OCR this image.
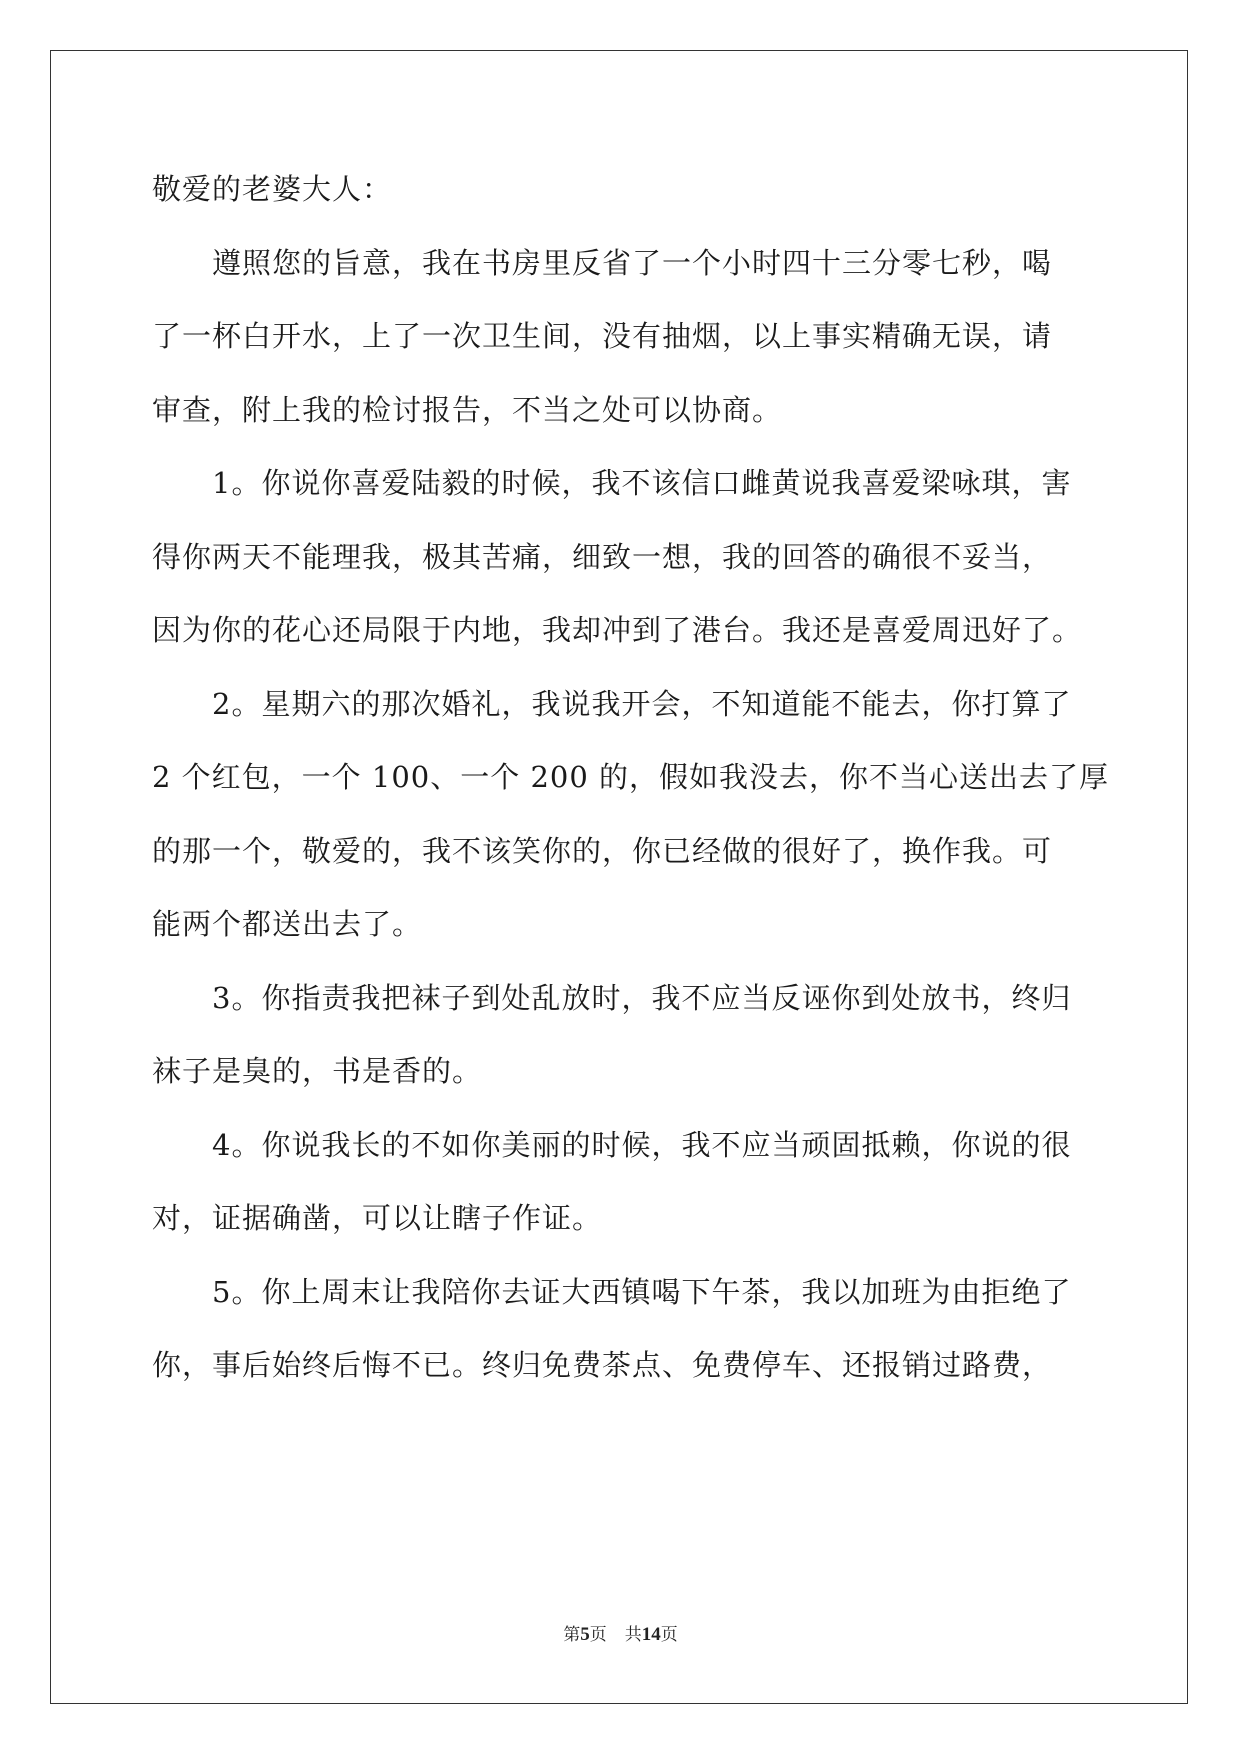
敬爱的老婆大人：
遵照您的旨意，我在书房里反省了一个小时四十三分零七秒，喝
了一杯白开水，上了一次卫生间，没有抽烟，以上事实精确无误，请
审查，附上我的检讨报告，不当之处可以协商。
1。你说你喜爱陆毅的时候，我不该信口雌黄说我喜爱梁咏琪，害
得你两天不能理我，极其苦痛，细致一想，我的回答的确很不妥当，
因为你的花心还局限于内地，我却冲到了港台。我还是喜爱周迅好了。
2。星期六的那次婚礼，我说我开会，不知道能不能去，你打算了
2 个红包，一个 100、一个 200 的，假如我没去，你不当心送出去了厚
的那一个，敬爱的，我不该笑你的，你已经做的很好了，换作我。可
能两个都送出去了。
3。你指责我把袜子到处乱放时，我不应当反诬你到处放书，终归
袜子是臭的，书是香的。
4。你说我长的不如你美丽的时候，我不应当顽固抵赖，你说的很
对，证据确凿，可以让瞎子作证。
5。你上周末让我陪你去证大西镇喝下午茶，我以加班为由拒绝了
你，事后始终后悔不已。终归免费茶点、免费停车、还报销过路费，
第5页 共14页
